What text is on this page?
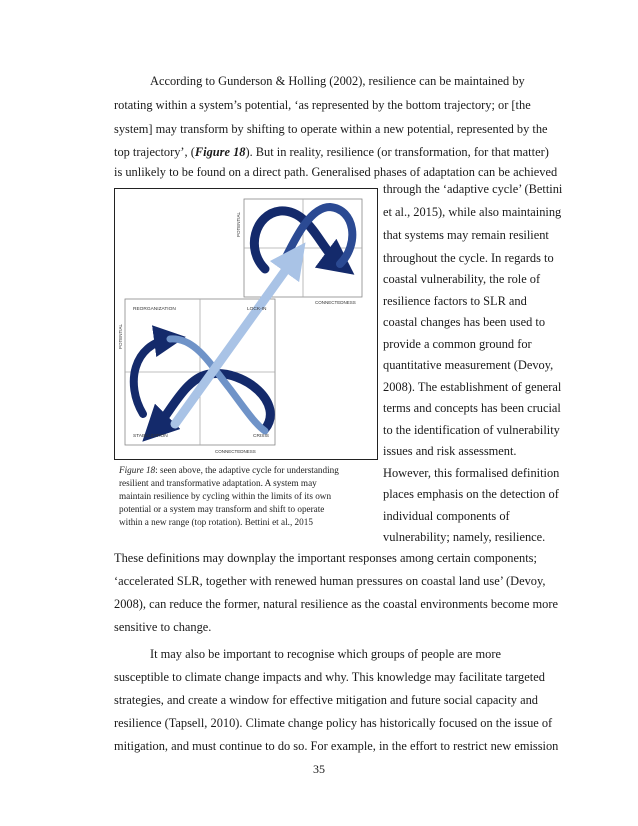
According to Gunderson & Holling (2002), resilience can be maintained by
rotating within a system’s potential, ‘as represented by the bottom trajectory; or [the
system] may transform by shifting to operate within a new potential, represented by the
top trajectory’, (Figure 18). But in reality, resilience (or transformation, for that matter)
is unlikely to be found on a direct path. Generalised phases of adaptation can be achieved
through the ‘adaptive cycle’ (Bettini
et al., 2015), while also maintaining
that systems may remain resilient
throughout the cycle. In regards to
coastal vulnerability, the role of
resilience factors to SLR and
coastal changes has been used to
provide a common ground for
quantitative measurement (Devoy,
2008). The establishment of general
terms and concepts has been crucial
to the identification of vulnerability
issues and risk assessment.
However, this formalised definition
places emphasis on the detection of
individual components of
vulnerability; namely, resilience.
POTENTIAL
CONNECTEDNESS
REORGANIZATION	LOCK-IN
POTENTIAL
STABILIZATION	CRISIS
CONNECTEDNESS
Figure 18: seen above, the adaptive cycle for understanding
resilient and transformative adaptation. A system may
maintain resilience by cycling within the limits of its own
potential or a system may transform and shift to operate
within a new range (top rotation). Bettini et al., 2015
These definitions may downplay the important responses among certain components;
‘accelerated SLR, together with renewed human pressures on coastal land use’ (Devoy,
2008), can reduce the former, natural resilience as the coastal environments become more
sensitive to change.
It may also be important to recognise which groups of people are more
susceptible to climate change impacts and why. This knowledge may facilitate targeted
strategies, and create a window for effective mitigation and future social capacity and
resilience (Tapsell, 2010). Climate change policy has historically focused on the issue of
mitigation, and must continue to do so. For example, in the effort to restrict new emission
35
